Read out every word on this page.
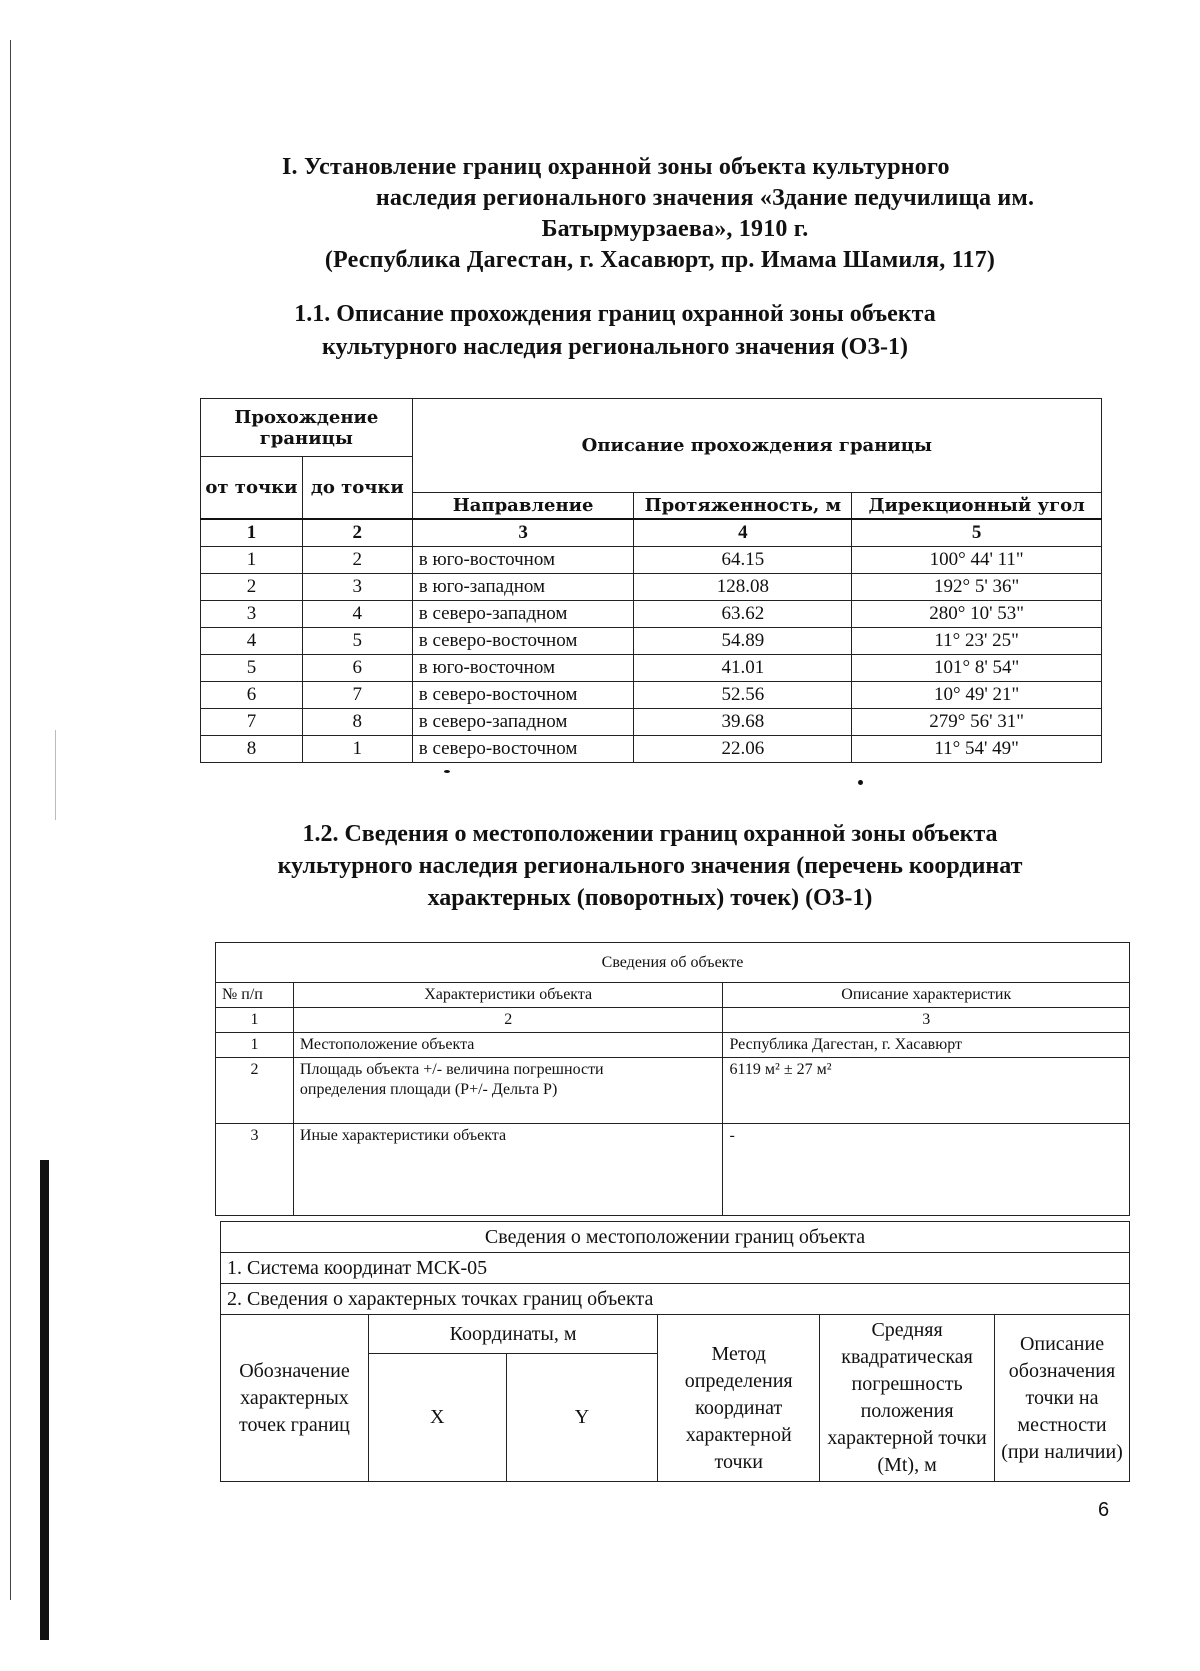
I. Установление границ охранной зоны объекта культурного
наследия регионального значения «Здание педучилища им.
Батырмурзаева», 1910 г.
(Республика Дагестан, г. Хасавюрт, пр. Имама Шамиля, 117)
1.1. Описание прохождения границ охранной зоны объекта
культурного наследия регионального значения (ОЗ-1)
Прохождение границы		Описание прохождения границы		
от точки	до точки			
		Направление	Протяженность, м	Дирекционный угол
1	2	3	4	5
1	2	в юго-восточном	64.15	100° 44' 11"
2	3	в юго-западном	128.08	192° 5' 36"
3	4	в северо-западном	63.62	280° 10' 53"
4	5	в северо-восточном	54.89	11° 23' 25"
5	6	в юго-восточном	41.01	101° 8' 54"
6	7	в северо-восточном	52.56	10° 49' 21"
7	8	в северо-западном	39.68	279° 56' 31"
8	1	в северо-восточном	22.06	11° 54' 49"
1.2. Сведения о местоположении границ охранной зоны объекта
культурного наследия регионального значения (перечень координат
характерных (поворотных) точек) (ОЗ-1)
Сведения об объекте		
№ п/п	Характеристики объекта	Описание характеристик
1	2	3
1	Местоположение объекта	Республика Дагестан, г. Хасавюрт
2	Площадь объекта +/- величина погрешности определения площади (Р+/- Дельта Р)	6119 м² ± 27 м²
3	Иные характеристики объекта	-
Сведения о местоположении границ объекта					
1. Система координат МСК-05					
2. Сведения о характерных точках границ объекта					
Обозначение характерных точек границ	Координаты, м		Метод определения координат характерной точки	Средняя квадратическая погрешность положения характерной точки (Mt), м	Описание обозначения точки на местности (при наличии)
	X	Y			
6
